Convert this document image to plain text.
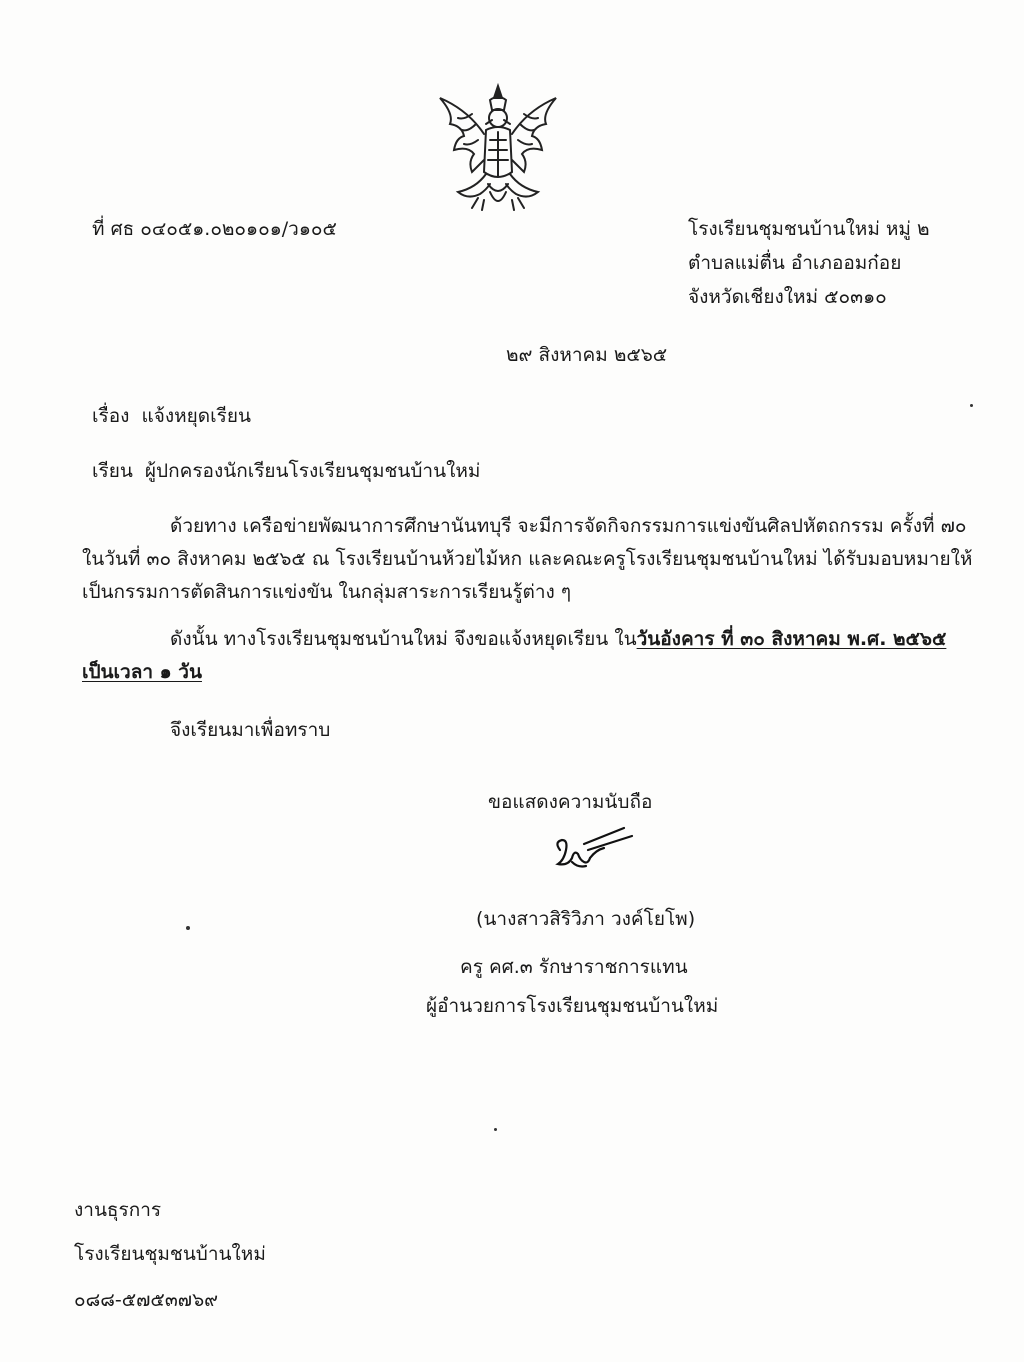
ที่ ศธ ๐๔๐๕๑.๐๒๐๑๐๑/ว๑๐๕	โรงเรียนชุมชนบ้านใหม่ หมู่ ๒
ตำบลแม่ตื่น อำเภออมก๋อย
จังหวัดเชียงใหม่ ๕๐๓๑๐
๒๙ สิงหาคม ๒๕๖๕
เรื่อง แจ้งหยุดเรียน
เรียน ผู้ปกครองนักเรียนโรงเรียนชุมชนบ้านใหม่
ด้วยทาง เครือข่ายพัฒนาการศึกษานันทบุรี จะมีการจัดกิจกรรมการแข่งขันศิลปหัตถกรรม ครั้งที่ ๗๐
ในวันที่ ๓๐ สิงหาคม ๒๕๖๕ ณ โรงเรียนบ้านห้วยไม้หก และคณะครูโรงเรียนชุมชนบ้านใหม่ ได้รับมอบหมายให้
เป็นกรรมการตัดสินการแข่งขัน ในกลุ่มสาระการเรียนรู้ต่าง ๆ
ดังนั้น ทางโรงเรียนชุมชนบ้านใหม่ จึงขอแจ้งหยุดเรียน ในวันอังคาร ที่ ๓๐ สิงหาคม พ.ศ. ๒๕๖๕
เป็นเวลา ๑ วัน
จึงเรียนมาเพื่อทราบ
ขอแสดงความนับถือ
(นางสาวสิริวิภา วงค์โยโพ)
ครู คศ.๓ รักษาราชการแทน
ผู้อำนวยการโรงเรียนชุมชนบ้านใหม่
งานธุรการ
โรงเรียนชุมชนบ้านใหม่
๐๘๘-๕๗๕๓๗๖๙
